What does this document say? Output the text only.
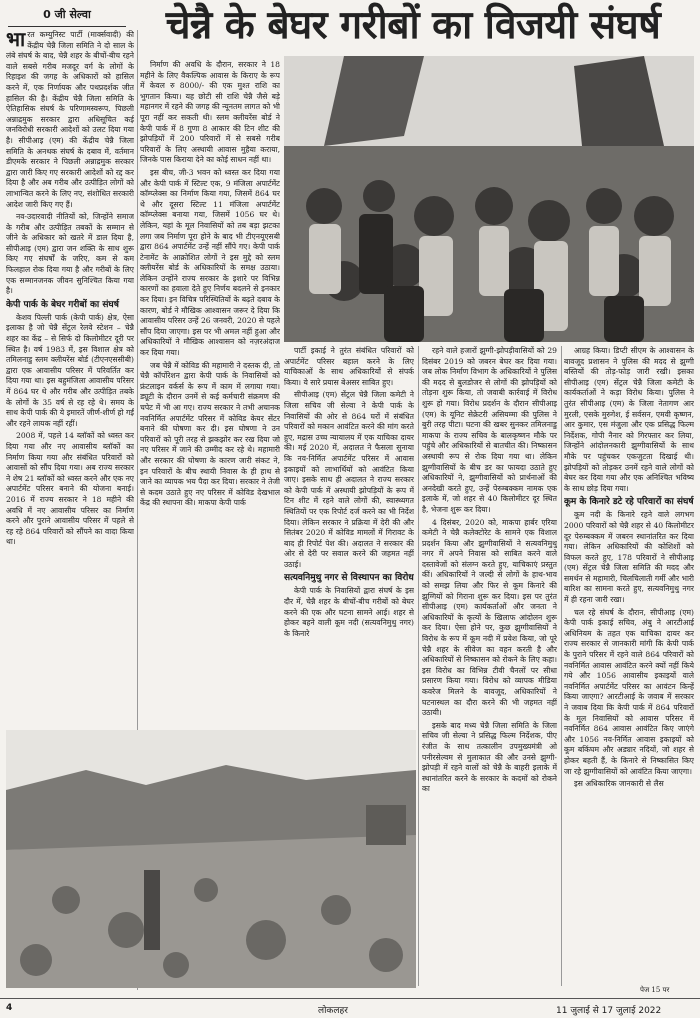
0 जी सेल्वा	चेन्नै के बेघर गरीबों का विजयी संघर्ष

भारत कम्युनिस्ट पार्टी (मार्क्सवादी) की केंद्रीय चेन्नै जिला समिति ने दो साल के लंबे संघर्ष के बाद, चेन्नै शहर के बीचों-बीच रहने वाले सबसे गरीब मजदूर वर्ग के लोगों के रिहाइश की जगह के अधिकारों को हासिल करने में, एक निर्णायक और पथप्रदर्शक जीत हासिल की है। केंद्रीय चेन्नै जिला समिति के ऐतिहासिक संघर्ष के परिणामस्वरूप, पिछली अन्नाद्रमुक सरकार द्वारा अधिसूचित कई जनविरोधी सरकारी आदेशों को उलट दिया गया है। सीपीआइ (एम) की केंद्रीय चेन्नै जिला समिति के अनथक संघर्ष के दबाव में, वर्तमान डीएमके सरकार ने पिछली अन्नाद्रमुक सरकार द्वारा जारी किए गए सरकारी आदेशों को रद्द कर दिया है और अब गरीब और उत्पीड़ित लोगों को लाभान्वित करने के लिए नए, संशोधित सरकारी आदेश जारी किए गए हैं।

नव-उदारवादी नीतियों को, जिन्होंने समाज के गरीब और उत्पीड़ित तबकों के सम्मान से जीने के अधिकार को खतरे में डाल दिया है, सीपीआइ (एम) द्वारा जन शक्ति के साथ शुरू किए गए संघर्षों के जरिए, कम से कम फिलहाल रोक दिया गया है और गरीबों के लिए एक सम्मानजनक जीवन सुनिश्चित किया गया है।

केपी पार्क के बेघर गरीबों का संघर्ष

केशव पिल्ली पार्क (केपी पार्क) क्षेत्र, ऐसा इलाका है जो चेन्नै सेंट्रल रेलवे स्टेशन – चेन्नै शहर का केंद्र – से सिर्फ दो किलोमीटर दूरी पर स्थित है। वर्ष 1983 में, इस विशाल क्षेत्र को तमिलनाडु स्लम क्लीयरेंस बोर्ड (टीएनएससीबी) द्वारा एक आवासीय परिसर में परिवर्तित कर दिया गया था। इस बहुमंजिला आवासीय परिसर में 864 घर थे और गरीब और उत्पीड़ित तबके के लोगों के 35 वर्ष से रह रहे थे। समय के साथ केपी पार्क की ये इमारतें जीर्ण-शीर्ण हो गईं और रहने लायक नहीं रहीं।

2008 में, पहले 14 ब्लॉकों को ध्वस्त कर दिया गया और नए आवासीय ब्लॉकों का निर्माण किया गया और संबंधित परिवारों को आवासों को सौंप दिया गया। अब राज्य सरकार ने शेष 21 ब्लॉकों को ध्वस्त करने और एक नए अपार्टमेंट परिसर बनाने की योजना बनाई। 2016 में राज्य सरकार ने 18 महीने की अवधि में नए आवासीय परिसर का निर्माण करने और पुराने आवासीय परिसर में पहले से रह रहे 864 परिवारों को सौंपने का वादा किया था।

निर्माण की अवधि के दौरान, सरकार ने 18 महीने के लिए वैकल्पिक आवास के किराए के रूप में केवल रु 8000/- की एक मुश्त राशि का भुगतान किया। यह छोटी सी राशि चेन्नै जैसे बड़े महानगर में रहने की जगह की न्यूनतम लागत को भी पूरा नहीं कर सकती थी। स्लम क्लीयरेंस बोर्ड ने केपी पार्क में 8 गुणा 8 आकार की टिन शीट की झोपड़ियों में 200 परिवारों में से सबसे गरीब परिवारों के लिए अस्थायी आवास मुहैया कराया, जिनके पास किराया देने का कोई साधन नहीं था।

इस बीच, जी-3 भवन को ध्वस्त कर दिया गया और केपी पार्क में स्टिल्ट एक, 9 मंजिला अपार्टमेंट कॉम्प्लेक्स का निर्माण किया गया, जिसमें 864 घर थे और दूसरा स्टिल्ट 11 मंजिला अपार्टमेंट कॉम्प्लेक्स बनाया गया, जिसमें 1056 घर थे। लेकिन, यहां के मूल निवासियों को तब बड़ा झटका लगा जब निर्माण पूरा होने के बाद भी टीएनयूएसबी द्वारा 864 अपार्टमेंट उन्हें नहीं सौंपे गए। केपी पार्क टेनामेंट के आक्रोशित लोगों ने इस मुद्दे को स्लम क्लीयरेंस बोर्ड के अधिकारियों के समक्ष उठाया। लेकिन उन्होंने राज्य सरकार के इशारे पर विभिन्न कारणों का हवाला देते हुए निर्णय बदलने से इनकार कर दिया। इन विचित्र परिस्थितियों के बढ़ते दबाव के कारण, बोर्ड ने मौखिक आश्वासन जरूर दे दिया कि आवासीय परिसर उन्हें 26 जनवरी, 2020 से पहले सौंप दिया जाएगा। इस पर भी अमल नहीं हुआ और अधिकारियों ने मौखिक आश्वासन को नज़रअंदाज कर दिया गया।

जब चेन्नै में कोविड की महामारी ने दस्तक दी, तो चेन्नै कॉर्पोरेशन द्वारा केपी पार्क के निवासियों को फ्रंटलाइन वर्कर्स के रूप में काम में लगाया गया। ड्यूटी के दौरान उनमें से कई कर्मचारी संक्रमण की चपेट में भी आ गए। राज्य सरकार ने तभी अचानक नवनिर्मित अपार्टमेंट परिसर में कोविड केयर सेंटर बनाने की घोषणा कर दी। इस घोषणा ने उन परिवारों को पूरी तरह से झकझोर कर रख दिया जो नए परिसर में जाने की उम्मीद कर रहे थे। महामारी और सरकार की घोषणा के कारण जारी संकट ने, इन परिवारों के बीच स्थायी निवास के ही हाथ से जाने का व्यापक भय पैदा कर दिया। सरकार ने तेजी से कदम उठाते हुए नए परिसर में कोविड देखभाल केंद्र की स्थापना की। माकपा केपी पार्क

पार्टी इकाई ने तुरंत संबंधित परिवारों को अपार्टमेंट परिसर बहाल करने के लिए याचिकाओं के साथ अधिकारियों से संपर्क किया। ये सारे प्रयास बेअसर साबित हुए।

सीपीआइ (एम) सेंट्रल चेन्नै जिला कमेटी ने जिला सचिव जी सेल्वा ने केपी पार्क के निवासियों की ओर से 864 घरों में संबंधित परिवारों को मकान आवंटित करने की मांग करते हुए, मद्रास उच्च न्यायालय में एक याचिका दायर की। मई 2020 में, अदालत ने फैसला सुनाया कि नव-निर्मित अपार्टमेंट परिसर में आवास इकाइयों को लाभार्थियों को आवंटित किया जाए। इसके साथ ही अदालत ने राज्य सरकार को केपी पार्क में अस्थायी झोपड़ियों के रूप में टिन शीट में रहने वाले लोगों की, स्वास्थ्यगत स्थितियों पर एक रिपोर्ट दर्ज करने का भी निर्देश दिया। लेकिन सरकार ने प्रक्रिया में देरी की और सितंबर 2020 में कोविड मामलों में गिरावट के बाद ही रिपोर्ट पेश की। अदालत ने सरकार की ओर से देरी पर सवाल करने की जहमत नहीं उठाई।

सत्यवनिमुथु नगर से विस्थापन का विरोध

केपी पार्क के निवासियों द्वारा संघर्ष के इस दौर में, चेन्नै शहर के बीचों-बीच गरीबों को बेघर करने की एक और घटना सामने आई। शहर से होकर बहने वाली कूम नदी (सत्यवनिमुथु नगर) के किनारे

रहने वाले हजारों झुग्गी-झोपड़ीवासियों को 29 दिसंबर 2019 को जबरन बेघर कर दिया गया। जब लोक निर्माण विभाग के अधिकारियों ने पुलिस की मदद से बुलडोजर से लोगों की झोपड़ियों को तोड़ना शुरू किया, तो जवाबी कार्रवाई में विरोध शुरू हो गया। विरोध प्रदर्शन के दौरान सीपीआइ (एम) के यूनिट सेक्रेटरी असियम्मा की पुलिस ने बुरी तरह पीटा। घटना की खबर सुनकर तमिलनाडु माकपा के राज्य सचिव के बालकृष्णन मौके पर पहुंचे और अधिकारियों से बातचीत की। निष्कासन अस्थायी रूप से रोक दिया गया था। लेकिन झुग्गीवासियों के बीच डर का फायदा उठाते हुए अधिकारियों ने, झुग्गीवासियों को प्रार्थनाओं की अनदेखी करते हुए, उन्हें पेरुम्बक्कम नामक एक इलाके में, जो शहर से 40 किलोमीटर दूर स्थित है, भेजना शुरू कर दिया।

4 दिसंबर, 2020 को, माकपा हार्बर एरिया कमेटी ने चेन्नै कलेक्टोरेट के सामने एक विशाल प्रदर्शन किया और झुग्गीवासियों ने सत्यवनिमुथु नगर में अपने निवास को साबित करने वाले दस्तावेजों को संलग्न करते हुए, याचिकाएं प्रस्तुत कीं। अधिकारियों ने जल्दी से लोगों के हाथ-भाव को समझ लिया और फिर से कूम किनारे की झुग्गियों को गिराना शुरू कर दिया। इस पर तुरंत सीपीआइ (एम) कार्यकर्ताओं और जनता ने अधिकारियों के कृत्यों के खिलाफ आंदोलन शुरू कर दिया। ऐसा होने पर, कुछ झुग्गीवासियों ने विरोध के रूप में कूम नदी में प्रवेश किया, जो पूरे चेन्नै शहर के सीवेज का वहन करती है और अधिकारियों से निष्कासन को रोकने के लिए कहा। इस विरोध का विभिन्न टीवी चैनलों पर सीधा प्रसारण किया गया। विरोध को व्यापक मीडिया कवरेज मिलने के बावजूद, अधिकारियों ने घटनास्थल का दौरा करने की भी जहमत नहीं उठायी।

इसके बाद मध्य चेन्नै जिला समिति के जिला सचिव जी सेल्वा ने प्रसिद्ध फिल्म निर्देशक, पीए रंजीत के साथ तत्कालीन उपमुख्यमंत्री ओ पनीरसेल्वम से मुलाकात की और उनसे झुग्गी-झोपड़ी में रहने वालों को चेन्नै के बाहरी इलाके में स्थानांतरित करने के सरकार के कदमों को रोकने का

आग्रह किया। डिप्टी सीएम के आश्वासन के बावजूद प्रशासन ने पुलिस की मदद से झुग्गी बस्तियों की तोड़-फोड़ जारी रखी। इसका सीपीआइ (एम) सेंट्रल चेन्नै जिला कमेटी के कार्यकर्ताओं ने कड़ा विरोध किया। पुलिस ने तुरंत सीपीआइ (एम) के जिला नेतागण आर मुरली, एसके मुरुगेश, ई सर्वसन, एमवी कृष्णन, आर कुमार, एस मंजुला और एक प्रसिद्ध फिल्म निर्देशक, गोपी नैनार को गिरफ्तार कर लिया, जिन्होंने आंदोलनकारी झुग्गीवासियों के साथ मौके पर पहुंचकर एकजुटता दिखाई थी। झोपड़ियों को तोड़कर उनमें रहने वाले लोगों को बेघर कर दिया गया और एक अनिश्चित भविष्य के साथ छोड़ दिया गया।

कूम के किनारे डटे रहे परिवारों का संघर्ष

कूम नदी के किनारे रहने वाले लगभग 2000 परिवारों को चेन्नै शहर से 40 किलोमीटर दूर पेरुम्बक्कम में जबरन स्थानांतरित कर दिया गया। लेकिन अधिकारियों की कोशिशों को विफल करते हुए, 178 परिवारों ने सीपीआइ (एम) सेंट्रल चेन्नै जिला समिति की मदद और समर्थन से महामारी, चिलचिलाती गर्मी और भारी बारिश का सामना करते हुए, सत्यवनिमुथु नगर में ही रहना जारी रखा।

चल रहे संघर्ष के दौरान, सीपीआइ (एम) केपी पार्क इकाई सचिव, अंबु ने आरटीआई अधिनियम के तहत एक याचिका दायर कर राज्य सरकार से जानकारी मांगी कि केपी पार्क के पुराने परिसर में रहने वाले 864 परिवारों को नवनिर्मित आवास आवंटित करने क्यों नहीं किये गये और 1056 आवासीय इकाइयों वाले नवनिर्मित अपार्टमेंट परिसर का आवंटन किन्हें किया जाएगा? आरटीआई के जवाब में सरकार ने जवाब दिया कि केपी पार्क में 864 परिवारों के मूल निवासियों को आवास परिसर में नवनिर्मित 864 आवास आवंटित किए जाएंगे और 1056 नव-निर्मित आवास इकाइयों को कूम बकिंघम और अड्यार नदियों, जो शहर से होकर बहती हैं, के किनारे से निष्कासित किए जा रहे झुग्गीवासियों को आवंटित किया जाएगा।

इस अधिकारिक जानकारी से लैस

पेज 15 पर
4	लोकलहर	11 जुलाई से 17 जुलाई 2022
